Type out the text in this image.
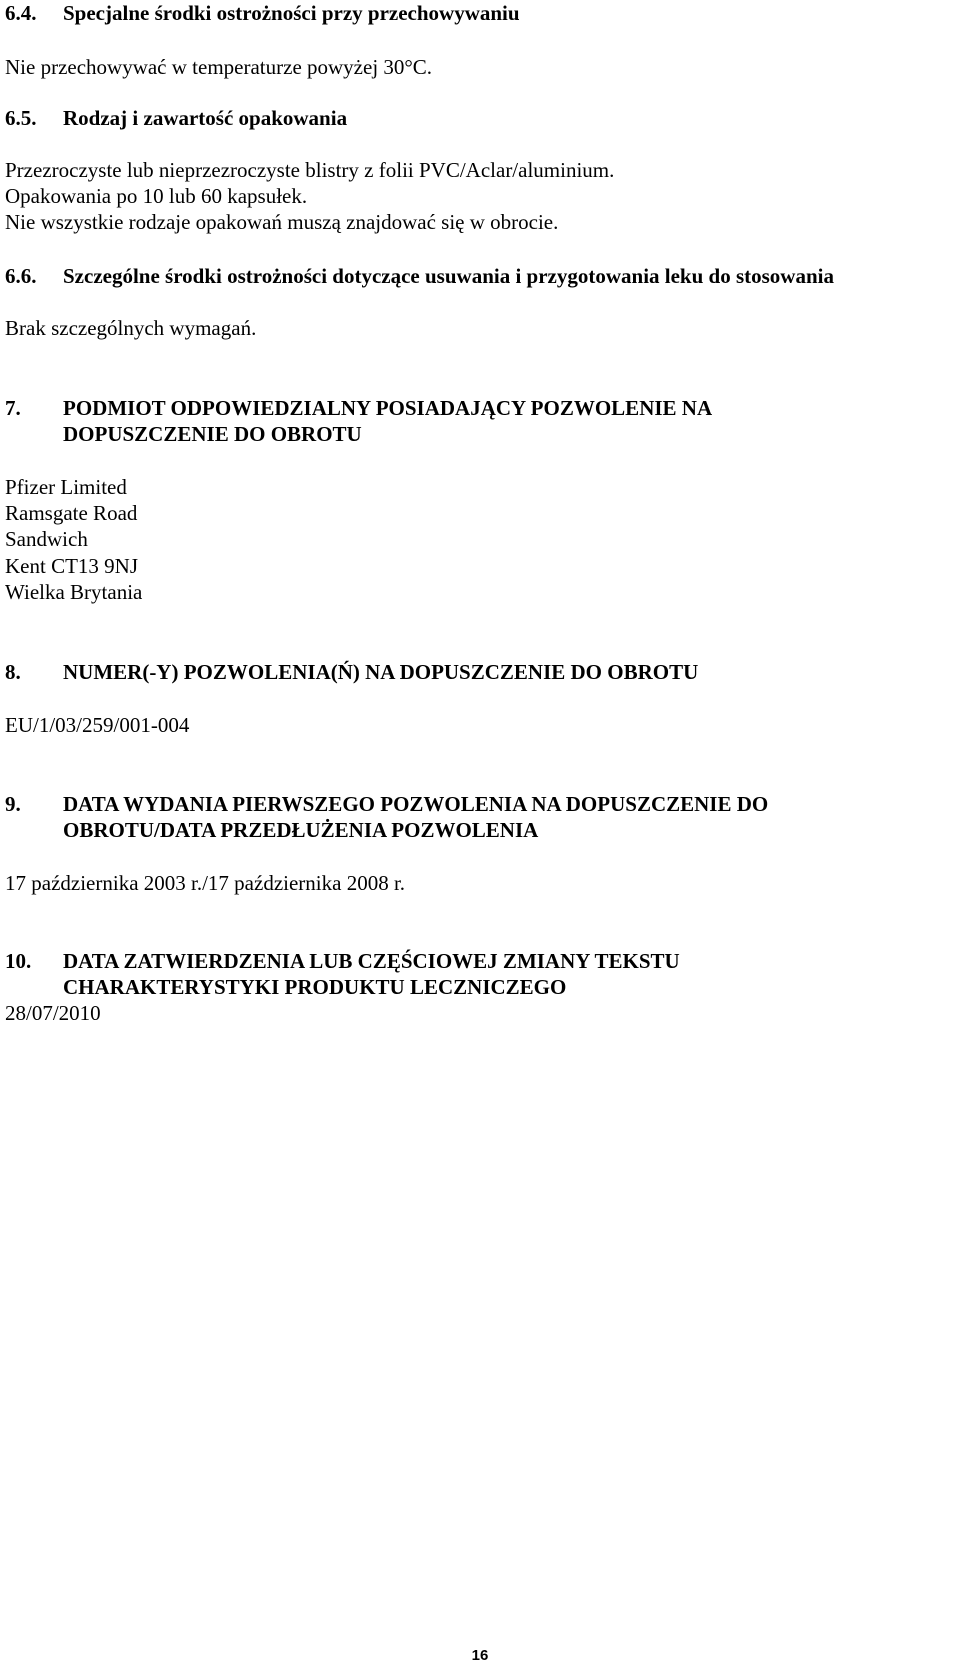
6.4. Specjalne środki ostrożności przy przechowywaniu
Nie przechowywać w temperaturze powyżej 30°C.
6.5. Rodzaj i zawartość opakowania
Przezroczyste lub nieprzezroczyste blistry z folii PVC/Aclar/aluminium.
Opakowania po 10 lub 60 kapsułek.
Nie wszystkie rodzaje opakowań muszą znajdować się w obrocie.
6.6. Szczególne środki ostrożności dotyczące usuwania i przygotowania leku do stosowania
Brak szczególnych wymagań.
7. PODMIOT ODPOWIEDZIALNY POSIADAJĄCY POZWOLENIE NA
DOPUSZCZENIE DO OBROTU
Pfizer Limited
Ramsgate Road
Sandwich
Kent CT13 9NJ
Wielka Brytania
8. NUMER(-Y) POZWOLENIA(Ń) NA DOPUSZCZENIE DO OBROTU
EU/1/03/259/001-004
9. DATA WYDANIA PIERWSZEGO POZWOLENIA NA DOPUSZCZENIE DO
OBROTU/DATA PRZEDŁUŻENIA POZWOLENIA
17 października 2003 r./17 października 2008 r.
10. DATA ZATWIERDZENIA LUB CZĘŚCIOWEJ ZMIANY TEKSTU
CHARAKTERYSTYKI PRODUKTU LECZNICZEGO
28/07/2010
16
